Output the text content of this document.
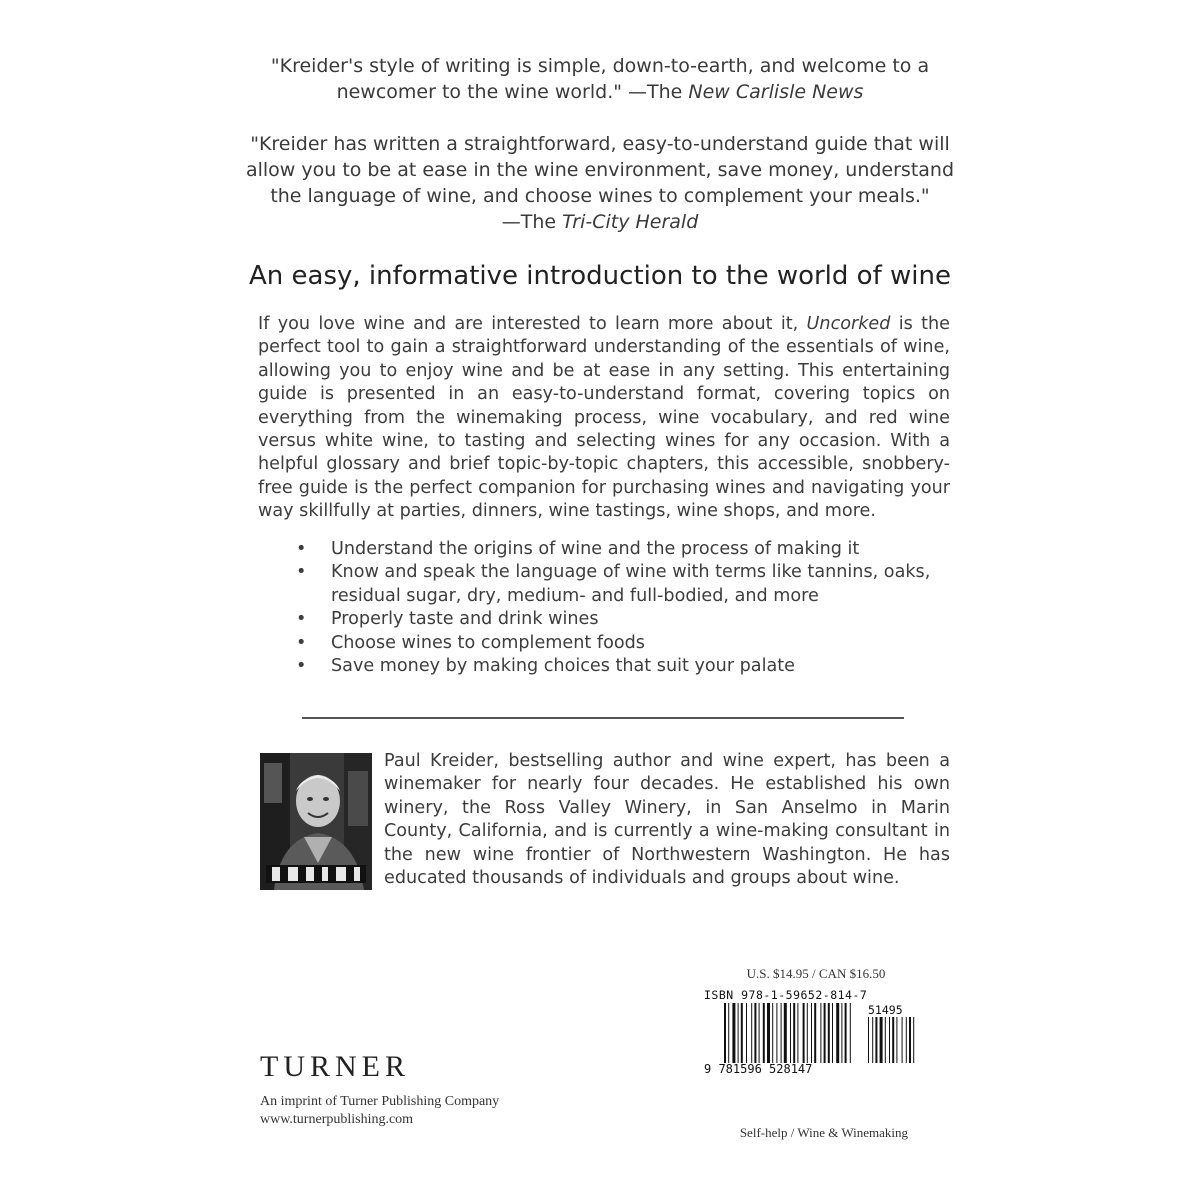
"Kreider's style of writing is simple, down-to-earth, and welcome to a newcomer to the wine world." —The New Carlisle News
"Kreider has written a straightforward, easy-to-understand guide that will allow you to be at ease in the wine environment, save money, understand the language of wine, and choose wines to complement your meals."
—The Tri-City Herald
An easy, informative introduction to the world of wine
If you love wine and are interested to learn more about it, Uncorked is the perfect tool to gain a straightforward understanding of the essentials of wine, allowing you to enjoy wine and be at ease in any setting. This entertaining guide is presented in an easy-to-understand format, covering topics on everything from the winemaking process, wine vocabulary, and red wine versus white wine, to tasting and selecting wines for any occasion. With a helpful glossary and brief topic-by-topic chapters, this accessible, snobbery-free guide is the perfect companion for purchasing wines and navigating your way skillfully at parties, dinners, wine tastings, wine shops, and more.
• Understand the origins of wine and the process of making it
• Know and speak the language of wine with terms like tannins, oaks, residual sugar, dry, medium- and full-bodied, and more
• Properly taste and drink wines
• Choose wines to complement foods
• Save money by making choices that suit your palate
Paul Kreider, bestselling author and wine expert, has been a winemaker for nearly four decades. He established his own winery, the Ross Valley Winery, in San Anselmo in Marin County, California, and is currently a wine-making consultant in the new wine frontier of Northwestern Washington. He has educated thousands of individuals and groups about wine.
TURNER
An imprint of Turner Publishing Company
www.turnerpublishing.com
U.S. $14.95 / CAN $16.50
ISBN 978-1-59652-814-7
51495
9 781596 528147
Self-help / Wine & Winemaking
